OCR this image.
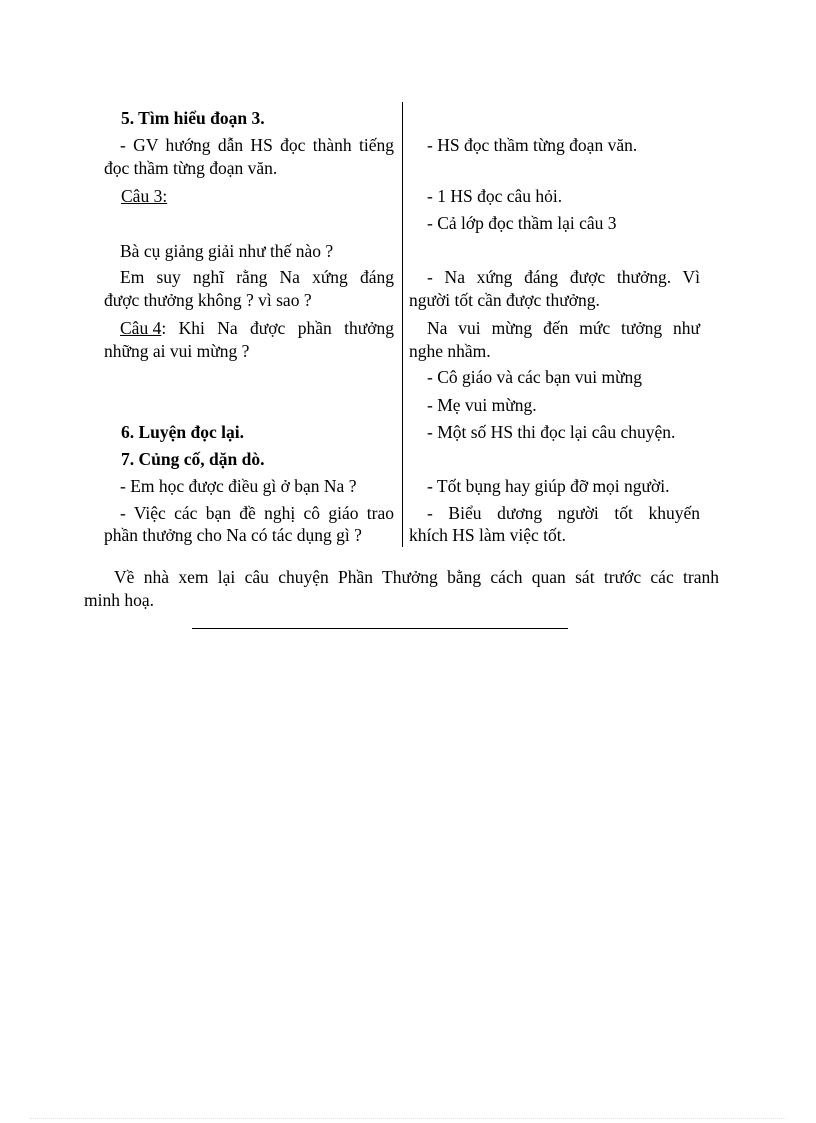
5. Tìm hiểu đoạn 3.
- GV hướng dẫn HS đọc thành tiếng
đọc thầm từng đoạn văn.
Câu 3:
Bà cụ giảng giải như thế nào ?
Em suy nghĩ rằng Na xứng đáng
được thưởng không ? vì sao ?
Câu 4 : Khi Na được phần thưởng
những ai vui mừng ?
6. Luyện đọc lại.
7. Củng cố, dặn dò.
- Em học được điều gì ở bạn Na ?
- Việc các bạn đề nghị cô giáo trao
phần thưởng cho Na có tác dụng gì ?
- HS đọc thầm từng đoạn văn.
- 1 HS đọc câu hỏi.
- Cả lớp đọc thầm lại câu 3
- Na xứng đáng được thưởng. Vì
người tốt cần được thưởng.
Na vui mừng đến mức tưởng như
nghe nhầm.
- Cô giáo và các bạn vui mừng
- Mẹ vui mừng.
- Một số HS thi đọc lại câu chuyện.
- Tốt bụng hay giúp đỡ mọi người.
- Biểu dương người tốt khuyến
khích HS làm việc tốt.
Về nhà xem lại câu chuyện Phần Thưởng bằng cách quan sát trước các tranh
minh hoạ.
